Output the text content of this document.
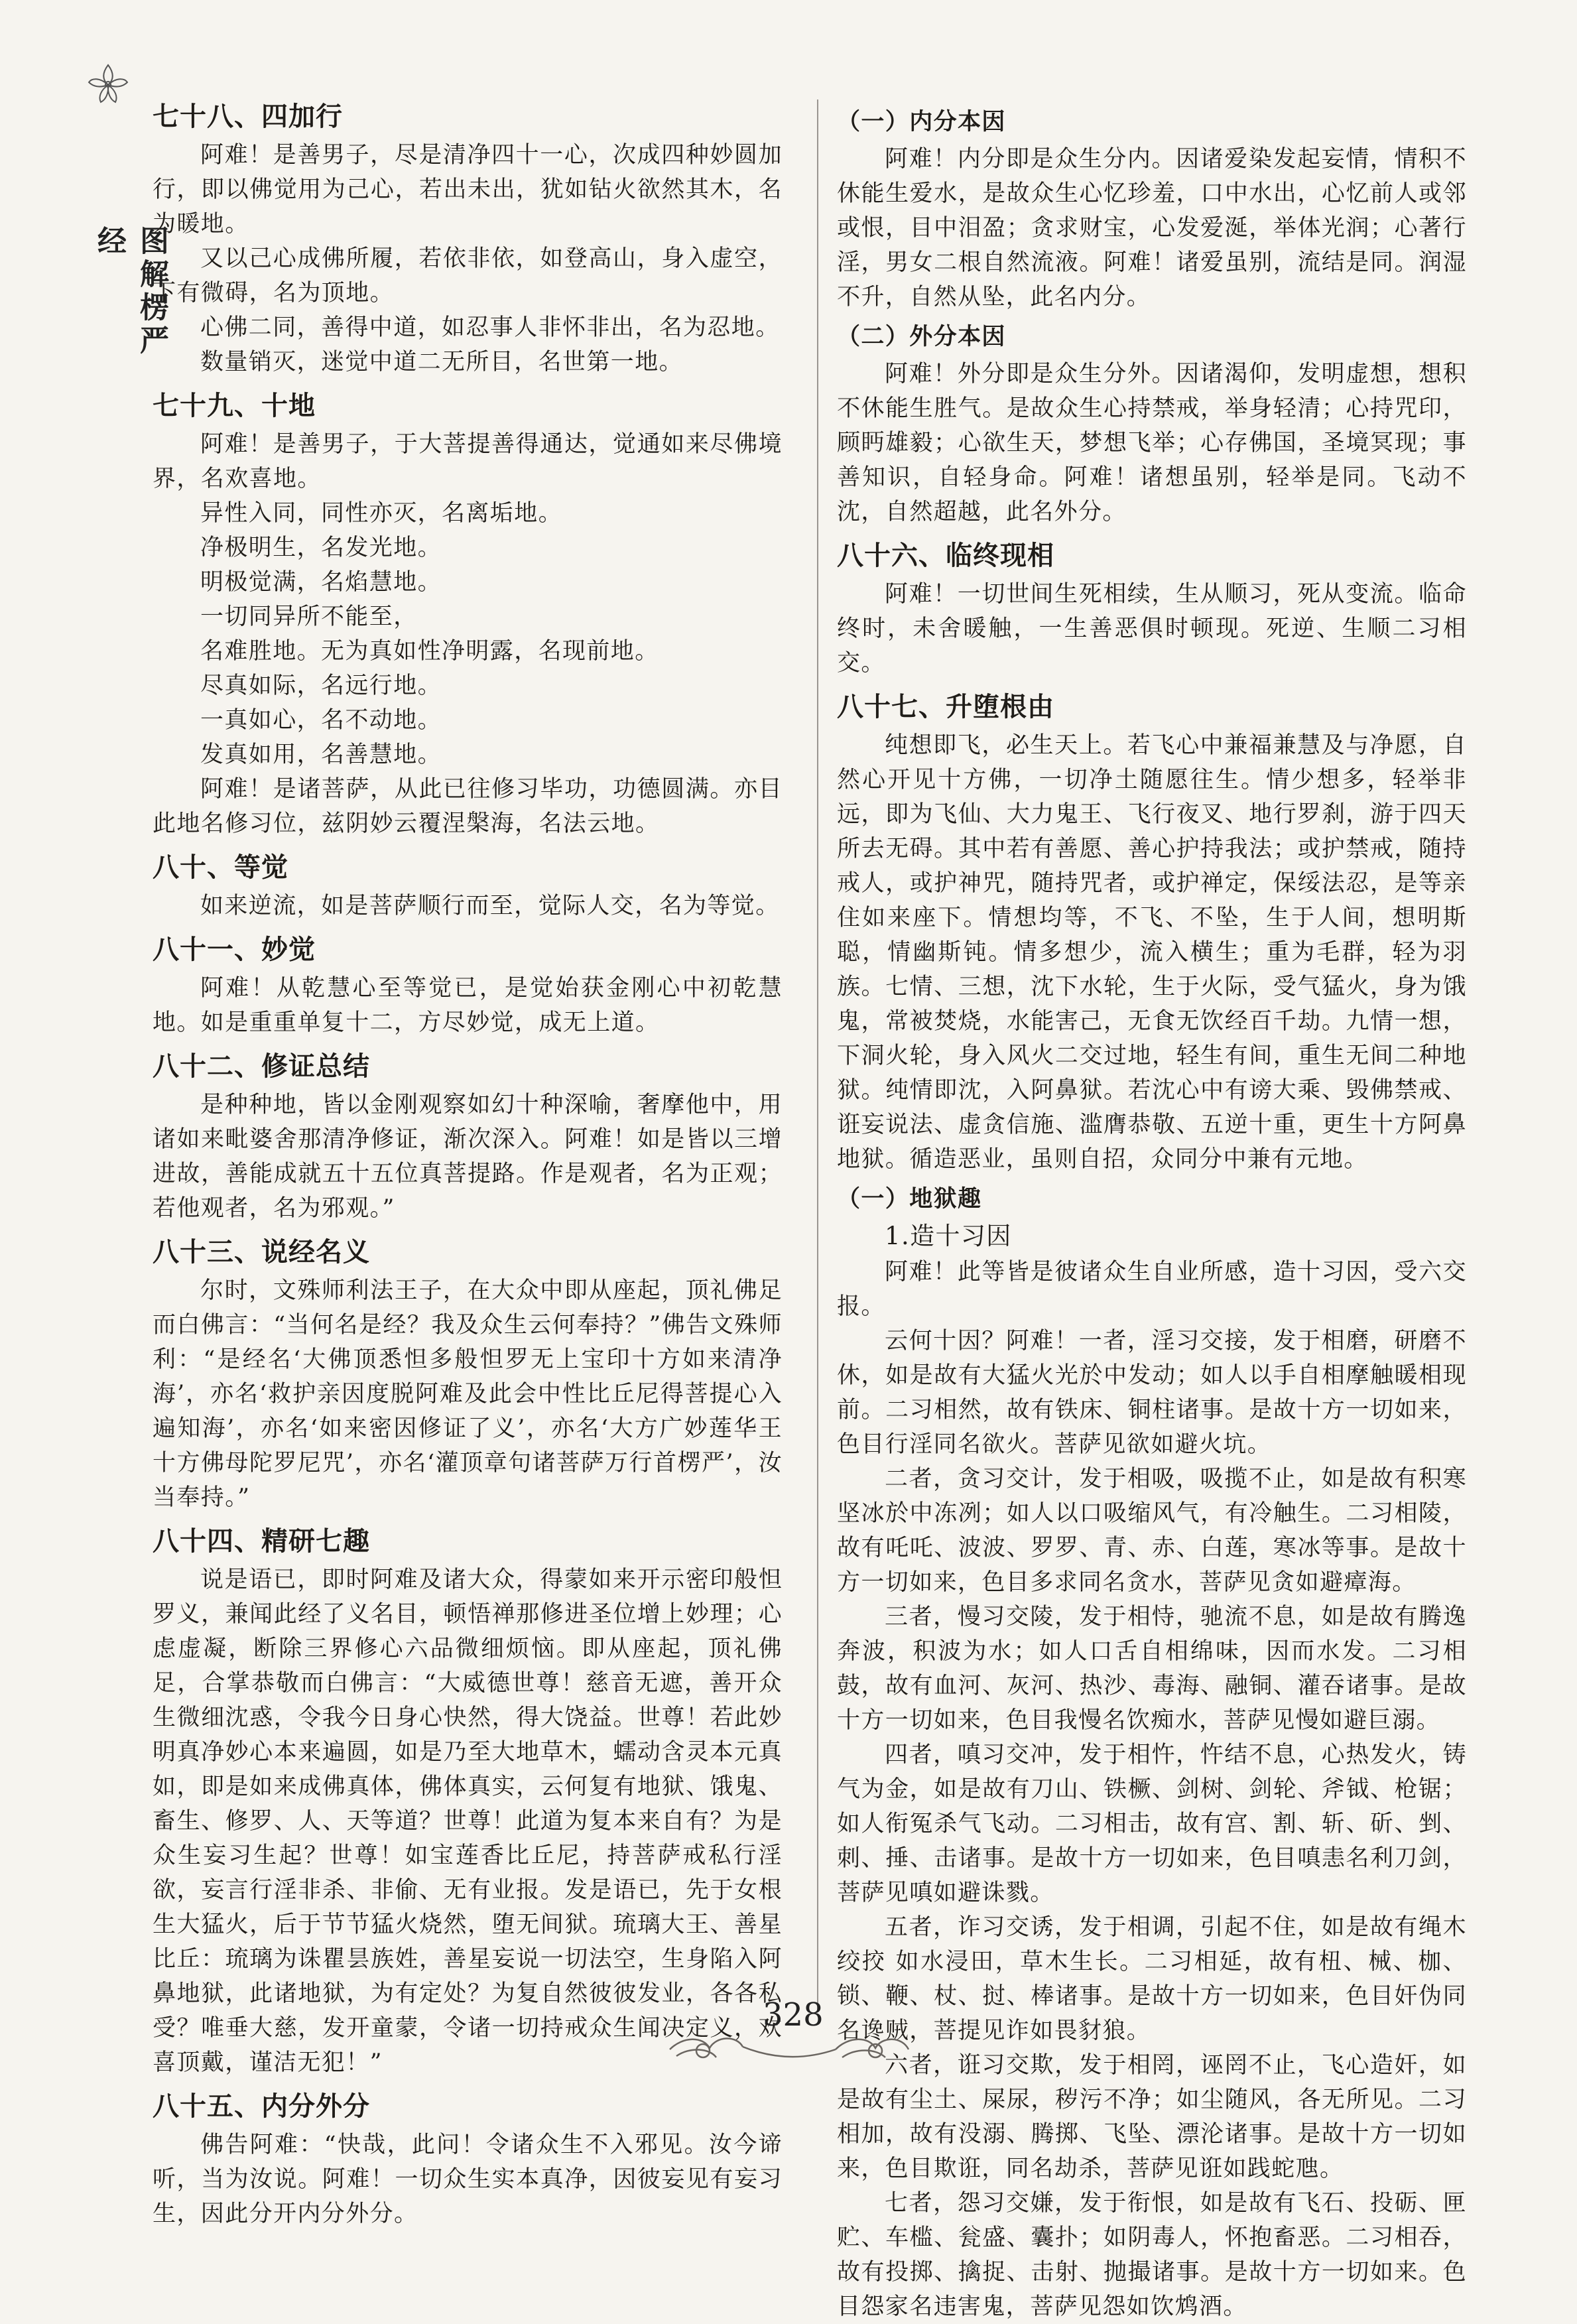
图解楞严经
七十八、四加行

阿难！是善男子，尽是清净四十一心，次成四种妙圆加行，即以佛觉用为己心，若出未出，犹如钻火欲然其木，名为暖地。

又以己心成佛所履，若依非依，如登高山，身入虚空，下有微碍，名为顶地。

心佛二同，善得中道，如忍事人非怀非出，名为忍地。

数量销灭，迷觉中道二无所目，名世第一地。

七十九、十地

阿难！是善男子，于大菩提善得通达，觉通如来尽佛境界，名欢喜地。

异性入同，同性亦灭，名离垢地。

净极明生，名发光地。

明极觉满，名焰慧地。

一切同异所不能至，

名难胜地。无为真如性净明露，名现前地。

尽真如际，名远行地。

一真如心，名不动地。

发真如用，名善慧地。

阿难！是诸菩萨，从此已往修习毕功，功德圆满。亦目此地名修习位，兹阴妙云覆涅槃海，名法云地。

八十、等觉

如来逆流，如是菩萨顺行而至，觉际人交，名为等觉。

八十一、妙觉

阿难！从乾慧心至等觉已，是觉始获金刚心中初乾慧地。如是重重单复十二，方尽妙觉，成无上道。

八十二、修证总结

是种种地，皆以金刚观察如幻十种深喻，奢摩他中，用诸如来毗婆舍那清净修证，渐次深入。阿难！如是皆以三增进故，善能成就五十五位真菩提路。作是观者，名为正观；若他观者，名为邪观。”

八十三、说经名义

尔时，文殊师利法王子，在大众中即从座起，顶礼佛足而白佛言：“当何名是经？我及众生云何奉持？”佛告文殊师利：“是经名‘大佛顶悉怛多般怛罗无上宝印十方如来清净海’，亦名‘救护亲因度脱阿难及此会中性比丘尼得菩提心入遍知海’，亦名‘如来密因修证了义’，亦名‘大方广妙莲华王十方佛母陀罗尼咒’，亦名‘灌顶章句诸菩萨万行首楞严’，汝当奉持。”

八十四、精研七趣

说是语已，即时阿难及诸大众，得蒙如来开示密印般怛罗义，兼闻此经了义名目，顿悟禅那修进圣位增上妙理；心虑虚凝，断除三界修心六品微细烦恼。即从座起，顶礼佛足，合掌恭敬而白佛言：“大威德世尊！慈音无遮，善开众生微细沈惑，令我今日身心快然，得大饶益。世尊！若此妙明真净妙心本来遍圆，如是乃至大地草木，蠕动含灵本元真如，即是如来成佛真体，佛体真实，云何复有地狱、饿鬼、畜生、修罗、人、天等道？世尊！此道为复本来自有？为是众生妄习生起？世尊！如宝莲香比丘尼，持菩萨戒私行淫欲，妄言行淫非杀、非偷、无有业报。发是语已，先于女根生大猛火，后于节节猛火烧然，堕无间狱。琉璃大王、善星比丘：琉璃为诛瞿昙族姓，善星妄说一切法空，生身陷入阿鼻地狱，此诸地狱，为有定处？为复自然彼彼发业，各各私受？唯垂大慈，发开童蒙，令诸一切持戒众生闻决定义，欢喜顶戴，谨洁无犯！”

八十五、内分外分

佛告阿难：“快哉，此问！令诸众生不入邪见。汝今谛听，当为汝说。阿难！一切众生实本真净，因彼妄见有妄习生，因此分开内分外分。

（一）内分本因

阿难！内分即是众生分内。因诸爱染发起妄情，情积不休能生爱水，是故众生心忆珍羞，口中水出，心忆前人或邻或恨，目中泪盈；贪求财宝，心发爱涎，举体光润；心著行淫，男女二根自然流液。阿难！诸爱虽别，流结是同。润湿不升，自然从坠，此名内分。

（二）外分本因

阿难！外分即是众生分外。因诸渴仰，发明虚想，想积不休能生胜气。是故众生心持禁戒，举身轻清；心持咒印，顾眄雄毅；心欲生天，梦想飞举；心存佛国，圣境冥现；事善知识，自轻身命。阿难！诸想虽别，轻举是同。飞动不沈，自然超越，此名外分。

八十六、临终现相

阿难！一切世间生死相续，生从顺习，死从变流。临命终时，未舍暖触，一生善恶俱时顿现。死逆、生顺二习相交。

八十七、升堕根由

纯想即飞，必生天上。若飞心中兼福兼慧及与净愿，自然心开见十方佛，一切净土随愿往生。情少想多，轻举非远，即为飞仙、大力鬼王、飞行夜叉、地行罗刹，游于四天所去无碍。其中若有善愿、善心护持我法；或护禁戒，随持戒人，或护神咒，随持咒者，或护禅定，保绥法忍，是等亲住如来座下。情想均等，不飞、不坠，生于人间，想明斯聪，情幽斯钝。情多想少，流入横生；重为毛群，轻为羽族。七情、三想，沈下水轮，生于火际，受气猛火，身为饿鬼，常被焚烧，水能害己，无食无饮经百千劫。九情一想，下洞火轮，身入风火二交过地，轻生有间，重生无间二种地狱。纯情即沈，入阿鼻狱。若沈心中有谤大乘、毁佛禁戒、诳妄说法、虚贪信施、滥膺恭敬、五逆十重，更生十方阿鼻地狱。循造恶业，虽则自招，众同分中兼有元地。

（一）地狱趣
1.造十习因

阿难！此等皆是彼诸众生自业所感，造十习因，受六交报。

云何十因？阿难！一者，淫习交接，发于相磨，研磨不休，如是故有大猛火光於中发动；如人以手自相摩触暖相现前。二习相然，故有铁床、铜柱诸事。是故十方一切如来，色目行淫同名欲火。菩萨见欲如避火坑。

二者，贪习交计，发于相吸，吸揽不止，如是故有积寒坚冰於中冻冽；如人以口吸缩风气，有冷触生。二习相陵，故有吒吒、波波、罗罗、青、赤、白莲，寒冰等事。是故十方一切如来，色目多求同名贪水，菩萨见贪如避瘴海。

三者，慢习交陵，发于相恃，驰流不息，如是故有腾逸奔波，积波为水；如人口舌自相绵味，因而水发。二习相鼓，故有血河、灰河、热沙、毒海、融铜、灌吞诸事。是故十方一切如来，色目我慢名饮痴水，菩萨见慢如避巨溺。

四者，嗔习交冲，发于相忤，忤结不息，心热发火，铸气为金，如是故有刀山、铁橛、剑树、剑轮、斧钺、枪锯；如人衔冤杀气飞动。二习相击，故有宫、割、斩、斫、剉、刺、捶、击诸事。是故十方一切如来，色目嗔恚名利刀剑，菩萨见嗔如避诛戮。

五者，诈习交诱，发于相调，引起不住，如是故有绳木绞挍 如水浸田，草木生长。二习相延，故有杻、械、枷、锁、鞭、杖、挝、棒诸事。是故十方一切如来，色目奸伪同名谗贼，菩提见诈如畏豺狼。

六者，诳习交欺，发于相罔，诬罔不止，飞心造奸，如是故有尘土、屎尿，秽污不净；如尘随风，各无所见。二习相加，故有没溺、腾掷、飞坠、漂沦诸事。是故十方一切如来，色目欺诳，同名劫杀，菩萨见诳如践蛇虺。

七者，怨习交嫌，发于衔恨，如是故有飞石、投砺、匣贮、车槛、瓮盛、囊扑；如阴毒人，怀抱畜恶。二习相吞，故有投掷、擒捉、击射、抛撮诸事。是故十方一切如来。色目怨家名违害鬼，菩萨见怨如饮鸩酒。

328
